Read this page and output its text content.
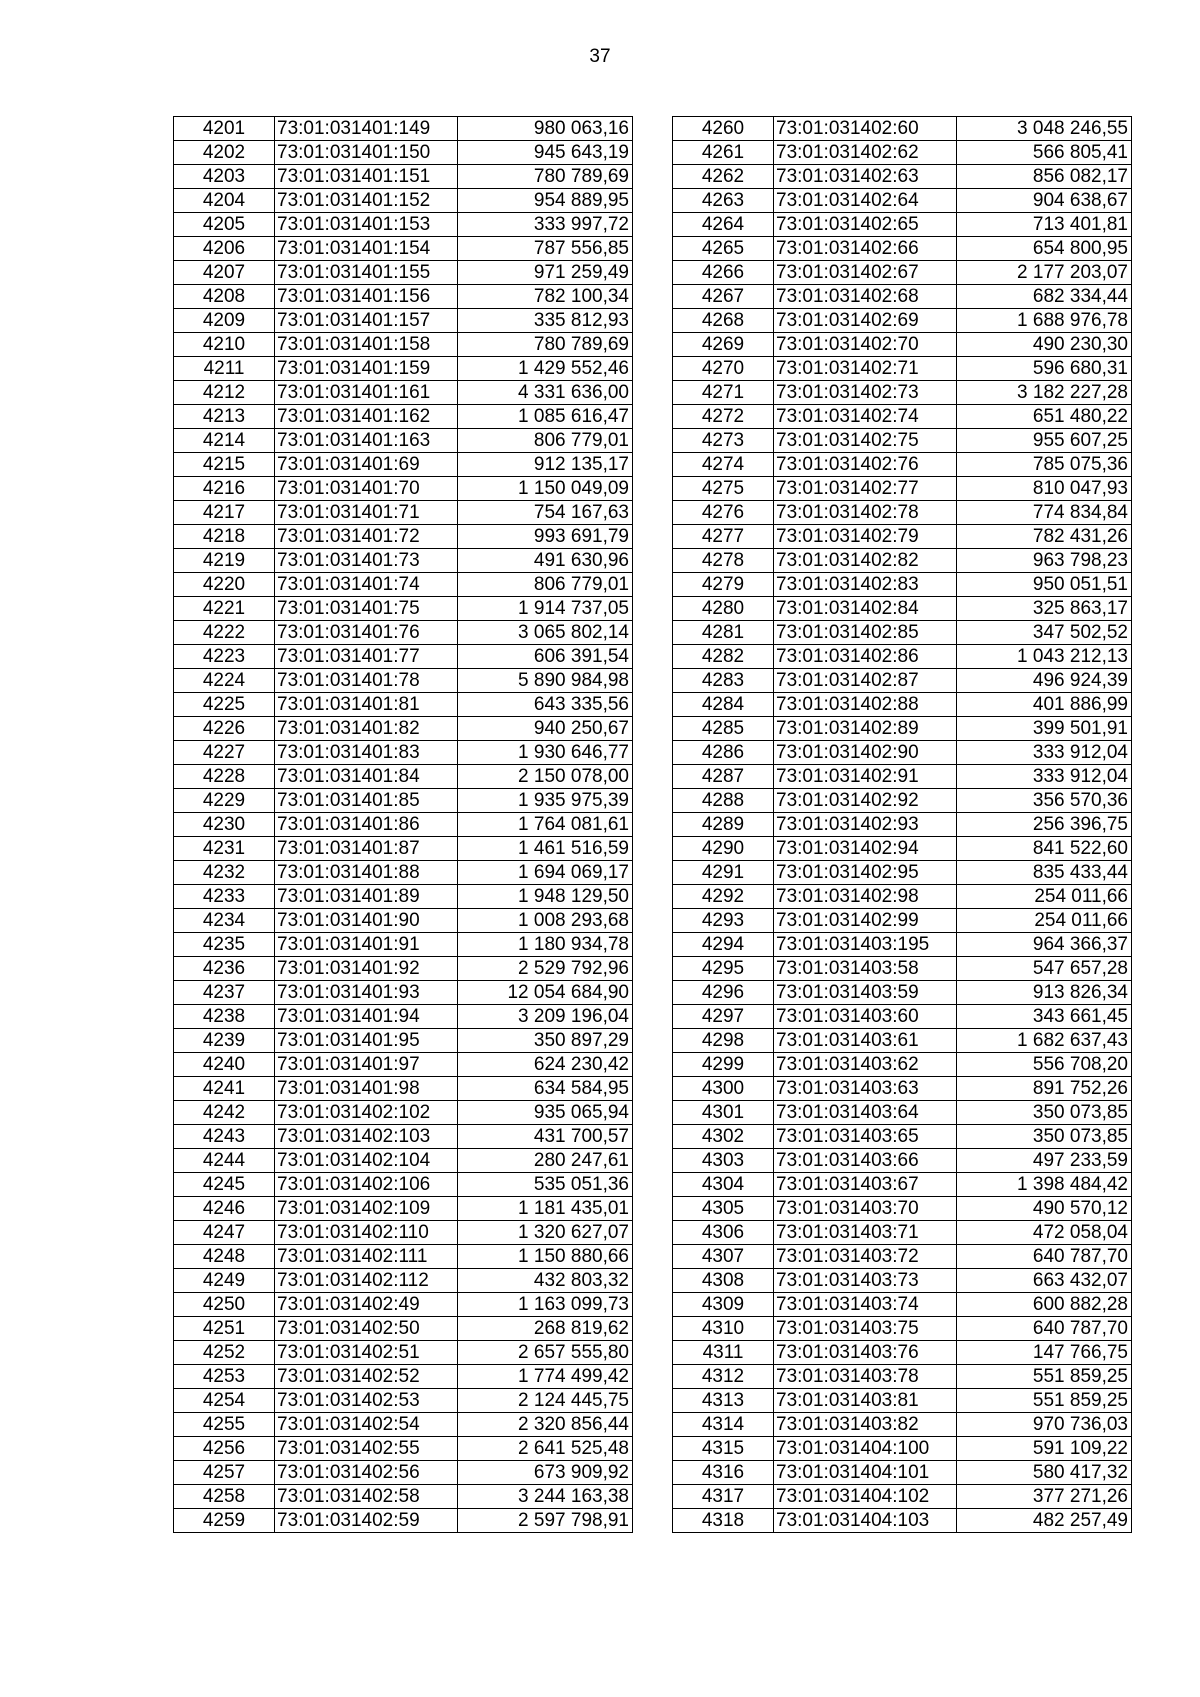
37
4201	73:01:031401:149	980 063,16
4202	73:01:031401:150	945 643,19
4203	73:01:031401:151	780 789,69
4204	73:01:031401:152	954 889,95
4205	73:01:031401:153	333 997,72
4206	73:01:031401:154	787 556,85
4207	73:01:031401:155	971 259,49
4208	73:01:031401:156	782 100,34
4209	73:01:031401:157	335 812,93
4210	73:01:031401:158	780 789,69
4211	73:01:031401:159	1 429 552,46
4212	73:01:031401:161	4 331 636,00
4213	73:01:031401:162	1 085 616,47
4214	73:01:031401:163	806 779,01
4215	73:01:031401:69	912 135,17
4216	73:01:031401:70	1 150 049,09
4217	73:01:031401:71	754 167,63
4218	73:01:031401:72	993 691,79
4219	73:01:031401:73	491 630,96
4220	73:01:031401:74	806 779,01
4221	73:01:031401:75	1 914 737,05
4222	73:01:031401:76	3 065 802,14
4223	73:01:031401:77	606 391,54
4224	73:01:031401:78	5 890 984,98
4225	73:01:031401:81	643 335,56
4226	73:01:031401:82	940 250,67
4227	73:01:031401:83	1 930 646,77
4228	73:01:031401:84	2 150 078,00
4229	73:01:031401:85	1 935 975,39
4230	73:01:031401:86	1 764 081,61
4231	73:01:031401:87	1 461 516,59
4232	73:01:031401:88	1 694 069,17
4233	73:01:031401:89	1 948 129,50
4234	73:01:031401:90	1 008 293,68
4235	73:01:031401:91	1 180 934,78
4236	73:01:031401:92	2 529 792,96
4237	73:01:031401:93	12 054 684,90
4238	73:01:031401:94	3 209 196,04
4239	73:01:031401:95	350 897,29
4240	73:01:031401:97	624 230,42
4241	73:01:031401:98	634 584,95
4242	73:01:031402:102	935 065,94
4243	73:01:031402:103	431 700,57
4244	73:01:031402:104	280 247,61
4245	73:01:031402:106	535 051,36
4246	73:01:031402:109	1 181 435,01
4247	73:01:031402:110	1 320 627,07
4248	73:01:031402:111	1 150 880,66
4249	73:01:031402:112	432 803,32
4250	73:01:031402:49	1 163 099,73
4251	73:01:031402:50	268 819,62
4252	73:01:031402:51	2 657 555,80
4253	73:01:031402:52	1 774 499,42
4254	73:01:031402:53	2 124 445,75
4255	73:01:031402:54	2 320 856,44
4256	73:01:031402:55	2 641 525,48
4257	73:01:031402:56	673 909,92
4258	73:01:031402:58	3 244 163,38
4259	73:01:031402:59	2 597 798,91
4260	73:01:031402:60	3 048 246,55
4261	73:01:031402:62	566 805,41
4262	73:01:031402:63	856 082,17
4263	73:01:031402:64	904 638,67
4264	73:01:031402:65	713 401,81
4265	73:01:031402:66	654 800,95
4266	73:01:031402:67	2 177 203,07
4267	73:01:031402:68	682 334,44
4268	73:01:031402:69	1 688 976,78
4269	73:01:031402:70	490 230,30
4270	73:01:031402:71	596 680,31
4271	73:01:031402:73	3 182 227,28
4272	73:01:031402:74	651 480,22
4273	73:01:031402:75	955 607,25
4274	73:01:031402:76	785 075,36
4275	73:01:031402:77	810 047,93
4276	73:01:031402:78	774 834,84
4277	73:01:031402:79	782 431,26
4278	73:01:031402:82	963 798,23
4279	73:01:031402:83	950 051,51
4280	73:01:031402:84	325 863,17
4281	73:01:031402:85	347 502,52
4282	73:01:031402:86	1 043 212,13
4283	73:01:031402:87	496 924,39
4284	73:01:031402:88	401 886,99
4285	73:01:031402:89	399 501,91
4286	73:01:031402:90	333 912,04
4287	73:01:031402:91	333 912,04
4288	73:01:031402:92	356 570,36
4289	73:01:031402:93	256 396,75
4290	73:01:031402:94	841 522,60
4291	73:01:031402:95	835 433,44
4292	73:01:031402:98	254 011,66
4293	73:01:031402:99	254 011,66
4294	73:01:031403:195	964 366,37
4295	73:01:031403:58	547 657,28
4296	73:01:031403:59	913 826,34
4297	73:01:031403:60	343 661,45
4298	73:01:031403:61	1 682 637,43
4299	73:01:031403:62	556 708,20
4300	73:01:031403:63	891 752,26
4301	73:01:031403:64	350 073,85
4302	73:01:031403:65	350 073,85
4303	73:01:031403:66	497 233,59
4304	73:01:031403:67	1 398 484,42
4305	73:01:031403:70	490 570,12
4306	73:01:031403:71	472 058,04
4307	73:01:031403:72	640 787,70
4308	73:01:031403:73	663 432,07
4309	73:01:031403:74	600 882,28
4310	73:01:031403:75	640 787,70
4311	73:01:031403:76	147 766,75
4312	73:01:031403:78	551 859,25
4313	73:01:031403:81	551 859,25
4314	73:01:031403:82	970 736,03
4315	73:01:031404:100	591 109,22
4316	73:01:031404:101	580 417,32
4317	73:01:031404:102	377 271,26
4318	73:01:031404:103	482 257,49
